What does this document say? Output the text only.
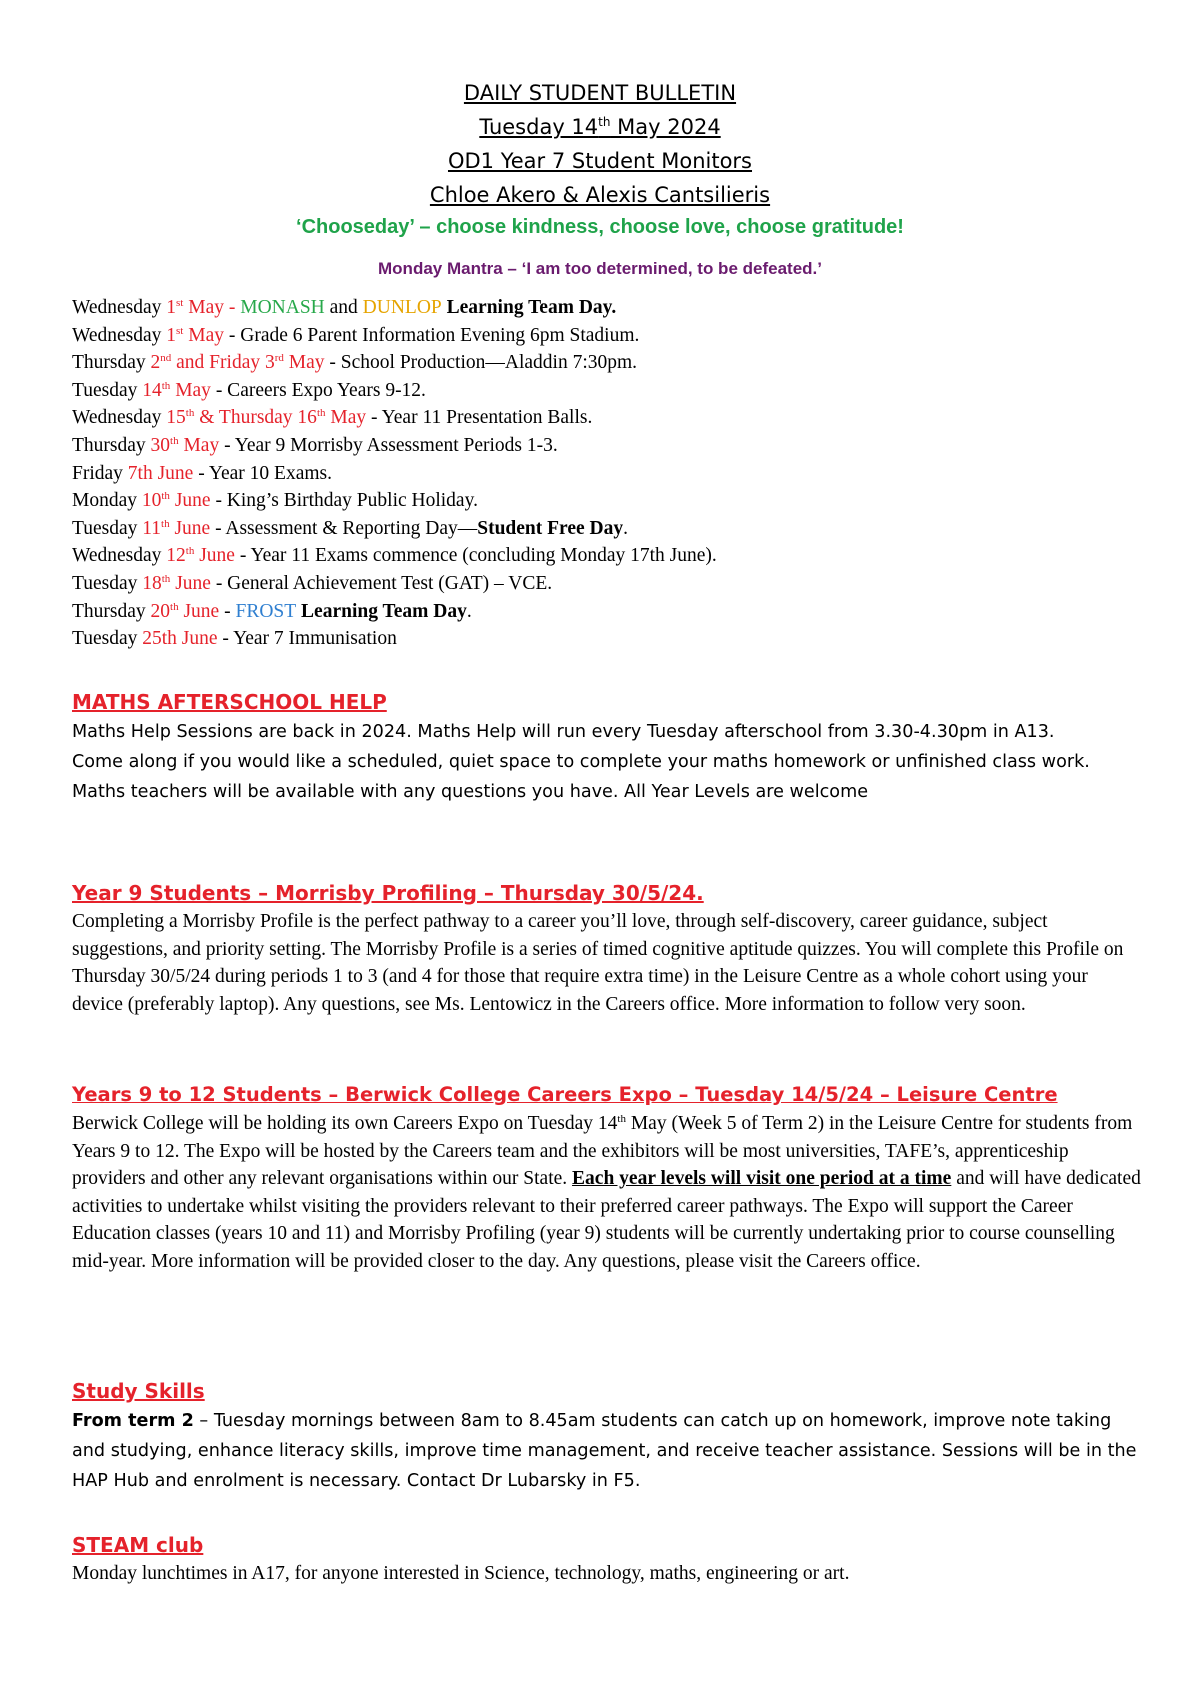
DAILY STUDENT BULLETIN
Tuesday 14th May 2024
OD1 Year 7 Student Monitors
Chloe Akero & Alexis Cantsilieris
‘Chooseday’ – choose kindness, choose love, choose gratitude!
Monday Mantra – ‘I am too determined, to be defeated.’
Wednesday 1st May - MONASH and DUNLOP Learning Team Day.
Wednesday 1st May - Grade 6 Parent Information Evening 6pm Stadium.
Thursday 2nd and Friday 3rd May - School Production—Aladdin 7:30pm.
Tuesday 14th May - Careers Expo Years 9-12.
Wednesday 15th & Thursday 16th May - Year 11 Presentation Balls.
Thursday 30th May - Year 9 Morrisby Assessment Periods 1-3.
Friday 7th June - Year 10 Exams.
Monday 10th June - King’s Birthday Public Holiday.
Tuesday 11th June - Assessment & Reporting Day—Student Free Day.
Wednesday 12th June - Year 11 Exams commence (concluding Monday 17th June).
Tuesday 18th June - General Achievement Test (GAT) – VCE.
Thursday 20th June - FROST Learning Team Day.
Tuesday 25th June - Year 7 Immunisation
MATHS AFTERSCHOOL HELP

Maths Help Sessions are back in 2024. Maths Help will run every Tuesday afterschool from 3.30-4.30pm in A13.

Come along if you would like a scheduled, quiet space to complete your maths homework or unfinished class work. Maths teachers will be available with any questions you have. All Year Levels are welcome

Year 9 Students – Morrisby Profiling – Thursday 30/5/24.

Completing a Morrisby Profile is the perfect pathway to a career you’ll love, through self-discovery, career guidance, subject suggestions, and priority setting. The Morrisby Profile is a series of timed cognitive aptitude quizzes. You will complete this Profile on Thursday 30/5/24 during periods 1 to 3 (and 4 for those that require extra time) in the Leisure Centre as a whole cohort using your device (preferably laptop). Any questions, see Ms. Lentowicz in the Careers office. More information to follow very soon.

Years 9 to 12 Students – Berwick College Careers Expo – Tuesday 14/5/24 – Leisure Centre

Berwick College will be holding its own Careers Expo on Tuesday 14th May (Week 5 of Term 2) in the Leisure Centre for students from Years 9 to 12. The Expo will be hosted by the Careers team and the exhibitors will be most universities, TAFE’s, apprenticeship providers and other any relevant organisations within our State. Each year levels will visit one period at a time and will have dedicated activities to undertake whilst visiting the providers relevant to their preferred career pathways. The Expo will support the Career Education classes (years 10 and 11) and Morrisby Profiling (year 9) students will be currently undertaking prior to course counselling mid-year. More information will be provided closer to the day. Any questions, please visit the Careers office.

Study Skills

From term 2 – Tuesday mornings between 8am to 8.45am students can catch up on homework, improve note taking and studying, enhance literacy skills, improve time management, and receive teacher assistance. Sessions will be in the HAP Hub and enrolment is necessary. Contact Dr Lubarsky in F5.

STEAM club

Monday lunchtimes in A17, for anyone interested in Science, technology, maths, engineering or art.
